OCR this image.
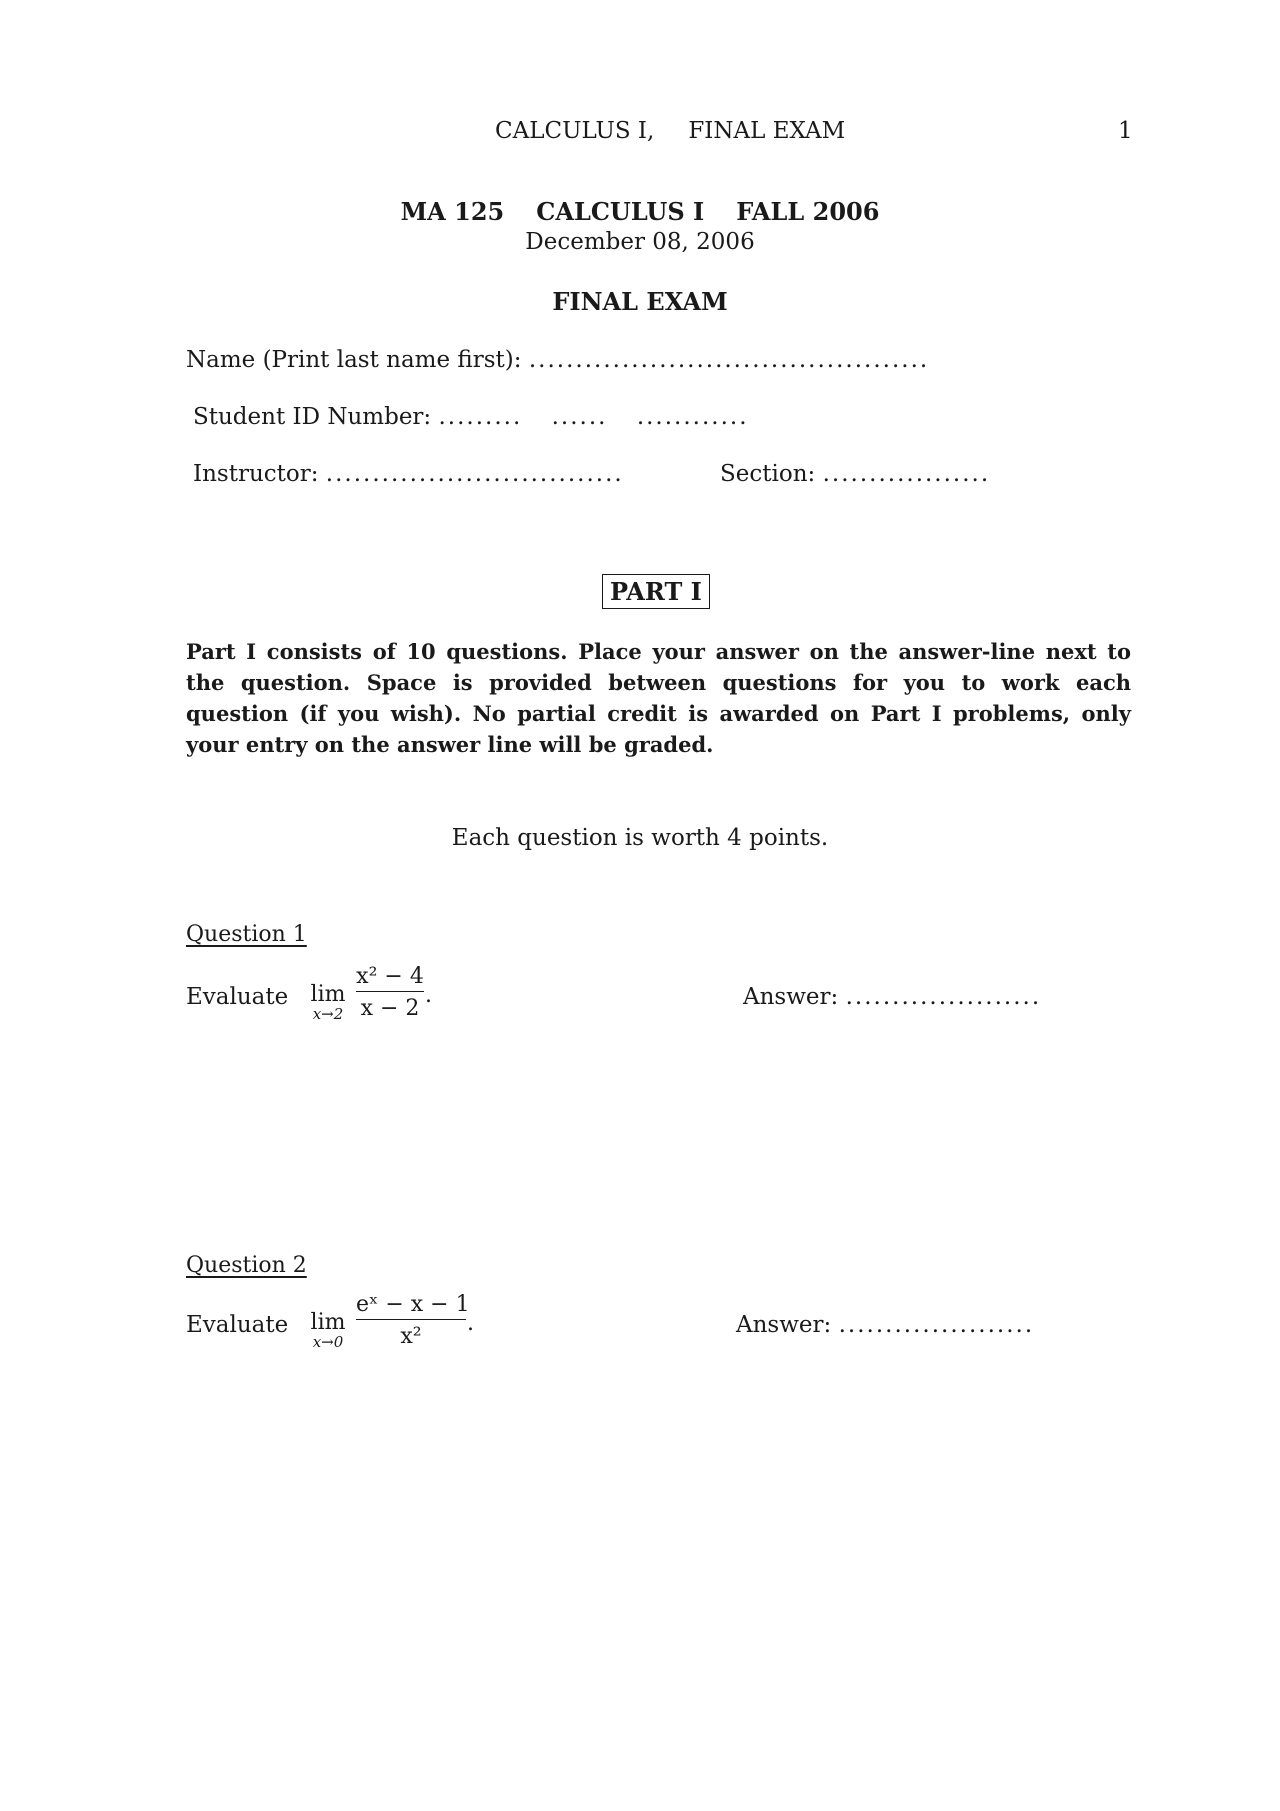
CALCULUS I, FINAL EXAM	1
MA 125 CALCULUS I FALL 2006
December 08, 2006
FINAL EXAM
Name (Print last name first): ...........................................
Student ID Number: ......... ...... ............
Instructor: ................................	Section: ..................
PART I
Part I consists of 10 questions. Place your answer on the answer-line next to the question. Space is provided between questions for you to work each question (if you wish). No partial credit is awarded on Part I problems, only your entry on the answer line will be graded.
Each question is worth 4 points.
Question 1
Evaluate lim
x→2
x² − 4
x − 2
.	Answer: .....................
Question 2
Evaluate lim
x→0
eˣ − x − 1
x²
.	Answer: .....................
